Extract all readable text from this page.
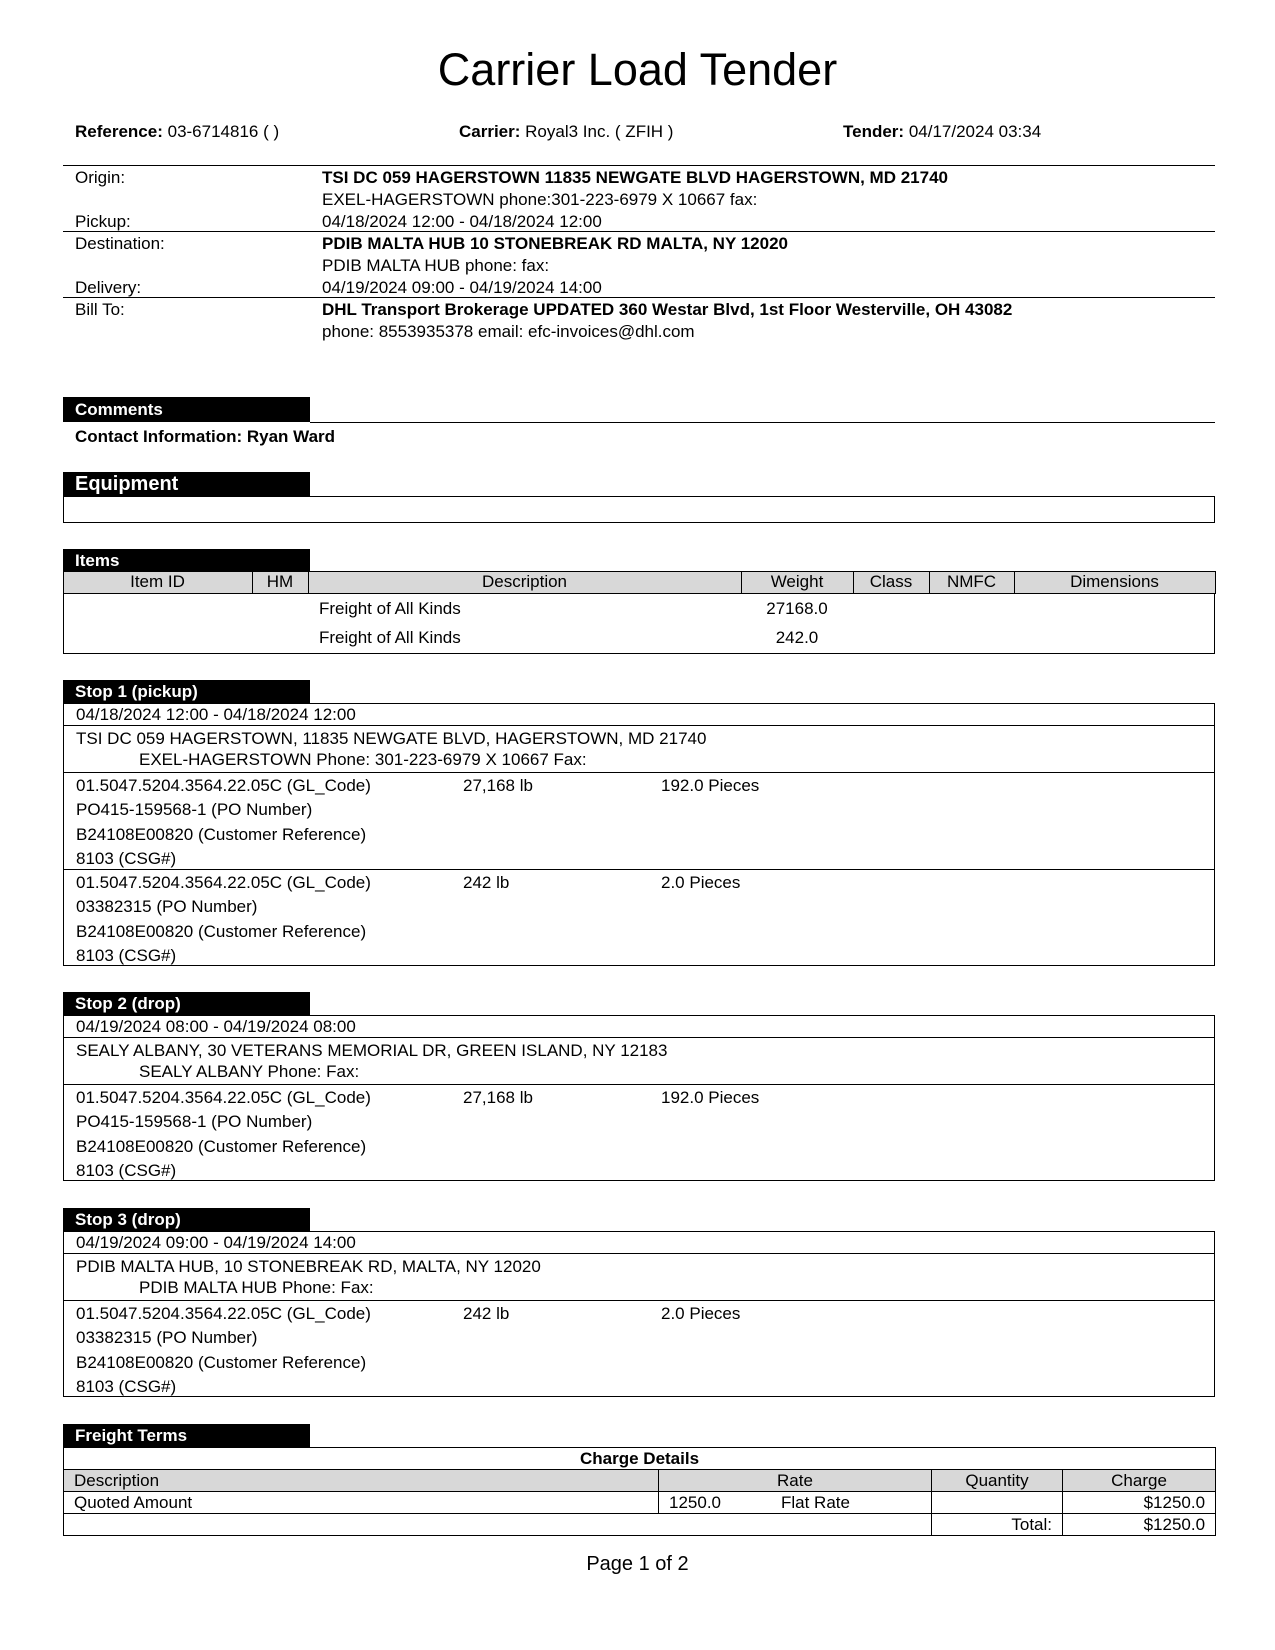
Carrier Load Tender
Reference: 03-6714816 ( )	Carrier: Royal3 Inc. ( ZFIH )	Tender: 04/17/2024 03:34
Origin:	TSI DC 059 HAGERSTOWN 11835 NEWGATE BLVD HAGERSTOWN, MD 21740
EXEL-HAGERSTOWN phone:301-223-6979 X 10667 fax:
Pickup:	04/18/2024 12:00 - 04/18/2024 12:00
Destination:	PDIB MALTA HUB 10 STONEBREAK RD MALTA, NY 12020
PDIB MALTA HUB phone: fax:
Delivery:	04/19/2024 09:00 - 04/19/2024 14:00
Bill To:	DHL Transport Brokerage UPDATED 360 Westar Blvd, 1st Floor Westerville, OH 43082
phone: 8553935378 email: efc-invoices@dhl.com
Comments
Contact Information: Ryan Ward
Equipment
Items
Item ID	HM	Description	Weight	Class	NMFC	Dimensions
		Freight of All Kinds	27168.0			
		Freight of All Kinds	242.0			
Stop 1 (pickup)
04/18/2024 12:00 - 04/18/2024 12:00
TSI DC 059 HAGERSTOWN, 11835 NEWGATE BLVD, HAGERSTOWN, MD 21740
EXEL-HAGERSTOWN Phone: 301-223-6979 X 10667 Fax:
01.5047.5204.3564.22.05C (GL_Code)	27,168 lb	192.0 Pieces
PO415-159568-1 (PO Number)
B24108E00820 (Customer Reference)
8103 (CSG#)
01.5047.5204.3564.22.05C (GL_Code)	242 lb	2.0 Pieces
03382315 (PO Number)
B24108E00820 (Customer Reference)
8103 (CSG#)
Stop 2 (drop)
04/19/2024 08:00 - 04/19/2024 08:00
SEALY ALBANY, 30 VETERANS MEMORIAL DR, GREEN ISLAND, NY 12183
SEALY ALBANY Phone: Fax:
01.5047.5204.3564.22.05C (GL_Code)	27,168 lb	192.0 Pieces
PO415-159568-1 (PO Number)
B24108E00820 (Customer Reference)
8103 (CSG#)
Stop 3 (drop)
04/19/2024 09:00 - 04/19/2024 14:00
PDIB MALTA HUB, 10 STONEBREAK RD, MALTA, NY 12020
PDIB MALTA HUB Phone: Fax:
01.5047.5204.3564.22.05C (GL_Code)	242 lb	2.0 Pieces
03382315 (PO Number)
B24108E00820 (Customer Reference)
8103 (CSG#)
Freight Terms
Charge Details			
Description	Rate	Quantity	Charge
Quoted Amount	1250.0 Flat Rate		$1250.0
		Total:	$1250.0
Page 1 of 2
